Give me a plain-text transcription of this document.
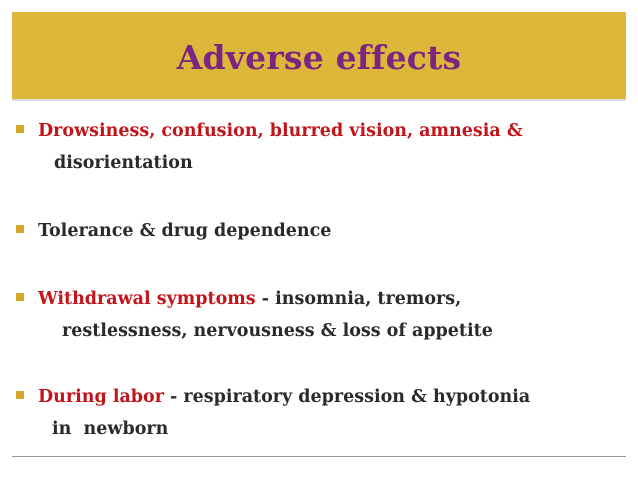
Adverse effects
Drowsiness, confusion, blurred vision, amnesia &
disorientation
Tolerance & drug dependence
Withdrawal symptoms - insomnia, tremors,
restlessness, nervousness & loss of appetite
During labor - respiratory depression & hypotonia
in  newborn
